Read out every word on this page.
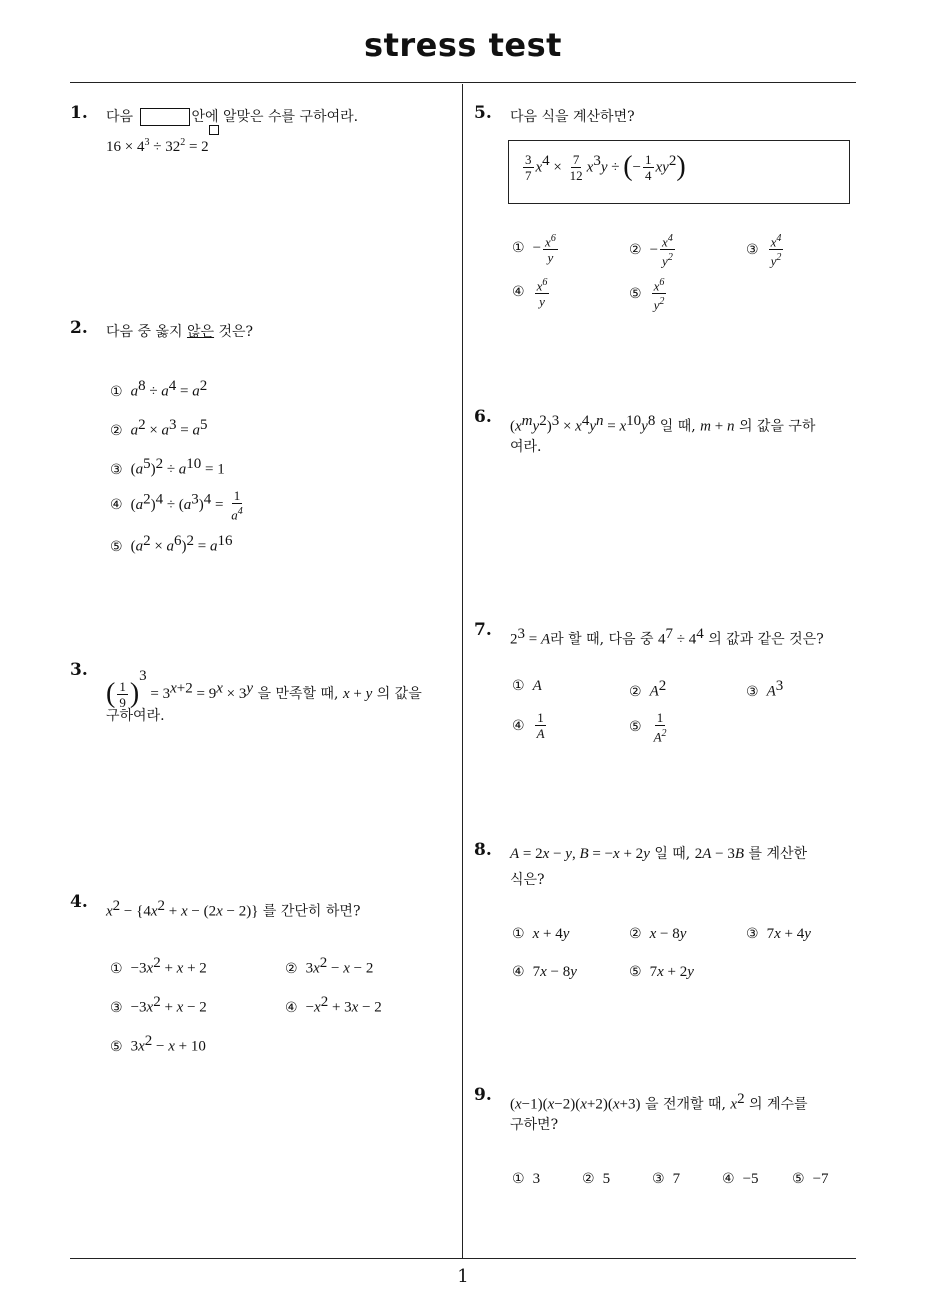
stress test
1
1. 다음	안에 알맞은 수를 구하여라.
$16 \times 4^3 \div 32^2 = 2$
2. 다음 중 옳지 않은 것은?
① $a^8 \div a^4 = a^2$
② $a^2 \times a^3 = a^5$
③ $(a^5)^2 \div a^{10} = 1$
④ $(a^2)^4 \div (a^3)^4 = \frac{1}{a^4}$
⑤ $(a^2 \times a^6)^2 = a^{16}$
3.
( $\frac{1}{9} )^3 = 3^{x+2} = 9^x \times 3^y$ 을 만족할 때, x + y 의 값을
구하여라.
4. $x^2 - \{4x^2 + x - (2x - 2)\}$ 를 간단히 하면?
① $-3x^2 + x + 2$	② $3x^2 - x - 2$
③ $-3x^2 + x - 2$	④ $-x^2 + 3x - 2$
⑤ $3x^2 - x + 10$
5. 다음 식을 계산하면?
$\frac{3}{7} x^4 \times \frac{7}{12} x^3y$ ÷ (− $\frac{1}{4} xy^2$)
① − $\frac{x^6}{y}$	② − $\frac{x^4}{y^2}$	③ $\frac{x^4}{y^2}$
④ $\frac{x^6}{y}$	⑤ $\frac{x^6}{y^2}$
6. $(x^my^2)^3 \times x^4y^n = x^{10}y^8$ 일 때, m + n 의 값을 구하
여라.
7. $2^3 = A$라 할 때, 다음 중 $4^7 \div 4^4$ 의 값과 같은 것은?
① A	② $A^2$	③ $A^3$
④ $\frac{1}{A}$	⑤ $\frac{1}{A^2}$
8. A = 2x − y, B = −x + 2y 일 때, 2A − 3B 를 계산한
식은?
① x + 4y	② x − 8y	③ 7x + 4y
④ 7x − 8y	⑤ 7x + 2y
9. (x−1)(x−2)(x+2)(x+3) 을 전개할 때, $x^2$ 의 계수를
구하면?
① 3	② 5	③ 7	④ −5 ⑤ −7
